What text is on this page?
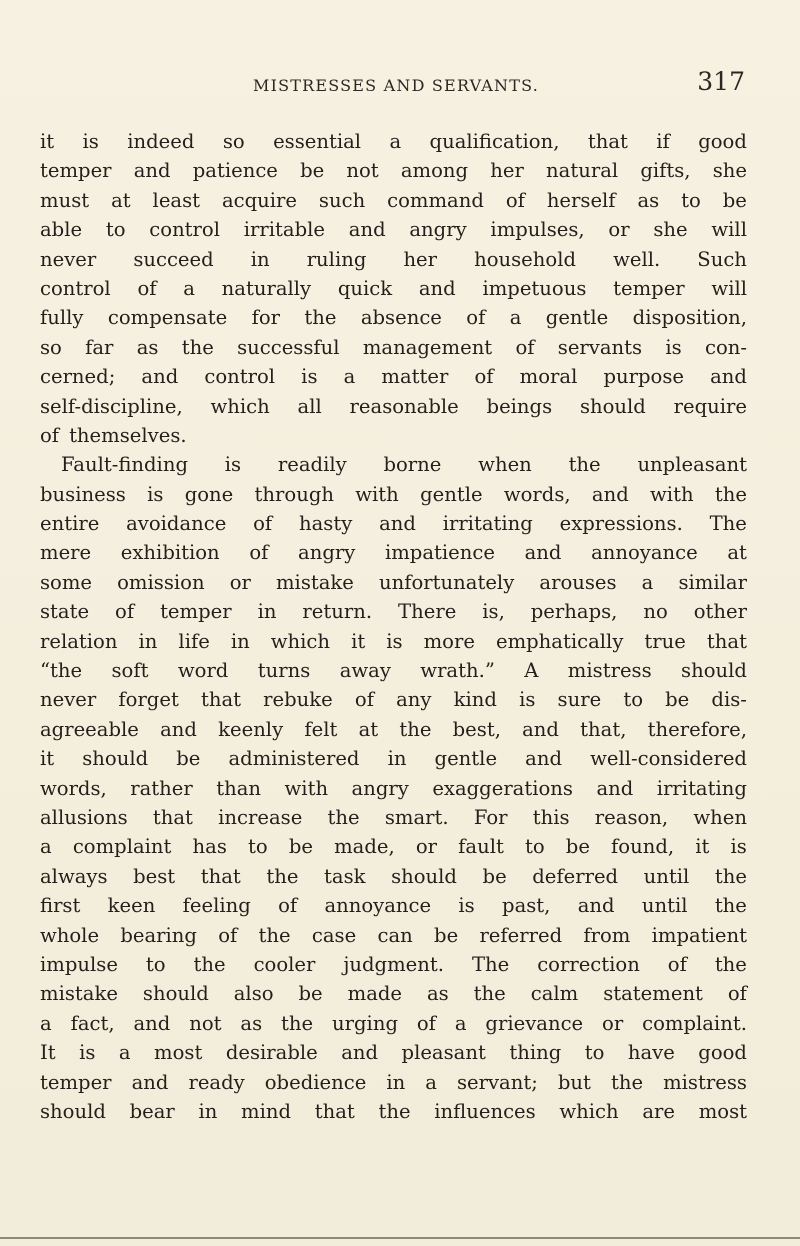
MISTRESSES AND SERVANTS.	317
it is indeed so essential a qualification, that if good
temper and patience be not among her natural gifts, she
must at least acquire such command of herself as to be
able to control irritable and angry impulses, or she will
never succeed in ruling her household well. Such
control of a naturally quick and impetuous temper will
fully compensate for the absence of a gentle disposition,
so far as the successful management of servants is con-
cerned; and control is a matter of moral purpose and
self-discipline, which all reasonable beings should require
of themselves.
Fault-finding is readily borne when the unpleasant
business is gone through with gentle words, and with the
entire avoidance of hasty and irritating expressions. The
mere exhibition of angry impatience and annoyance at
some omission or mistake unfortunately arouses a similar
state of temper in return. There is, perhaps, no other
relation in life in which it is more emphatically true that
“the soft word turns away wrath.” A mistress should
never forget that rebuke of any kind is sure to be dis-
agreeable and keenly felt at the best, and that, therefore,
it should be administered in gentle and well-considered
words, rather than with angry exaggerations and irritating
allusions that increase the smart. For this reason, when
a complaint has to be made, or fault to be found, it is
always best that the task should be deferred until the
first keen feeling of annoyance is past, and until the
whole bearing of the case can be referred from impatient
impulse to the cooler judgment. The correction of the
mistake should also be made as the calm statement of
a fact, and not as the urging of a grievance or complaint.
It is a most desirable and pleasant thing to have good
temper and ready obedience in a servant; but the mistress
should bear in mind that the influences which are most
